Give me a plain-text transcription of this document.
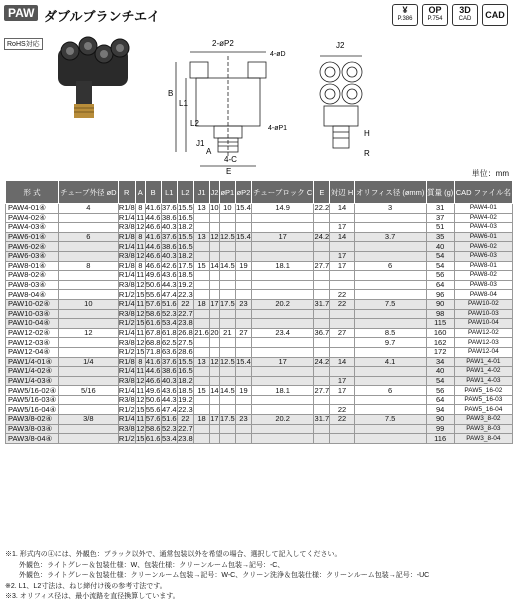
PAW ダブルブランチエイ	¥
P.386
OP
P.754
3D
CAD	CAD
RoHS対応	2-øP2
4-øD
4-øP1
B
L1
L2
J1
A
4-C
E
J2
H
R
単位：mm
形 式	チューブ外径 øD	R	A	B	L1	L2	J1	J2	øP1	øP2	チューブロック C	E	対辺 H	オリフィス径 (ømm)	質量 (g)	CAD ファイル名
PAW4-01④	4	R1/8	8	41.6	37.6	15.5	13	10	10	15.4	14.9	22.2	14	3	31	PAW4-01
PAW4-02④		R1/4	11	44.6	38.6	16.5									37	PAW4-02
PAW4-03④		R3/8	12	46.6	40.3	18.2							17		51	PAW4-03
PAW6-01④	6	R1/8	8	41.6	37.6	15.5	13	12	12.5	15.4	17	24.2	14	3.7	35	PAW6-01
PAW6-02④		R1/4	11	44.6	38.6	16.5									40	PAW6-02
PAW6-03④		R3/8	12	46.6	40.3	18.2							17		54	PAW6-03
PAW8-01④	8	R1/8	8	46.6	42.6	17.5	15	14	14.5	19	18.1	27.7	17	6	54	PAW8-01
PAW8-02④		R1/4	11	49.6	43.6	18.5									56	PAW8-02
PAW8-03④		R3/8	12	50.6	44.3	19.2									64	PAW8-03
PAW8-04④		R1/2	15	55.6	47.4	22.3							22		96	PAW8-04
PAW10-02④	10	R1/4	11	57.6	51.6	22	18	17	17.5	23	20.2	31.7	22	7.5	90	PAW10-02
PAW10-03④		R3/8	12	58.6	52.3	22.7									98	PAW10-03
PAW10-04④		R1/2	15	61.6	53.4	23.8									115	PAW10-04
PAW12-02④	12	R1/4	11	67.8	61.8	26.8	21.6	20	21	27	23.4	36.7	27	8.5	160	PAW12-02
PAW12-03④		R3/8	12	68.8	62.5	27.5								9.7	162	PAW12-03
PAW12-04④		R1/2	15	71.8	63.6	28.6									172	PAW12-04
PAW1/4-01④	1/4	R1/8	8	41.6	37.6	15.5	13	12	12.5	15.4	17	24.2	14	4.1	34	PAW1_4-01
PAW1/4-02④		R1/4	11	44.6	38.6	16.5									40	PAW1_4-02
PAW1/4-03④		R3/8	12	46.6	40.3	18.2							17		54	PAW1_4-03
PAW5/16-02④	5/16	R1/4	11	49.6	43.6	18.5	15	14	14.5	19	18.1	27.7	17	6	56	PAW5_16-02
PAW5/16-03④		R3/8	12	50.6	44.3	19.2									64	PAW5_16-03
PAW5/16-04④		R1/2	15	55.6	47.4	22.3							22		94	PAW5_16-04
PAW3/8-02④	3/8	R1/4	11	57.6	51.6	22	18	17	17.5	23	20.2	31.7	22	7.5	90	PAW3_8-02
PAW3/8-03④		R3/8	12	58.6	52.3	22.7									99	PAW3_8-03
PAW3/8-04④		R1/2	15	61.6	53.4	23.8									116	PAW3_8-04
※1. 形式内の④には、外観色：ブラック以外で、通常包装以外を希望の場合、選択して記入してください。
　　外観色：ライトグレー＆包装仕様：W、包装仕様：クリーンルーム包装→記号：-C、
　　外観色：ライトグレー＆包装仕様：クリーンルーム包装→記号：W-C、クリーン洗浄＆包装仕様：クリーンルーム包装→記号：-UC
※2. L1、L2寸法は、ねじ締付け後の参考寸法です。
※3. オリフィス径は、最小流路を直径換算しています。
